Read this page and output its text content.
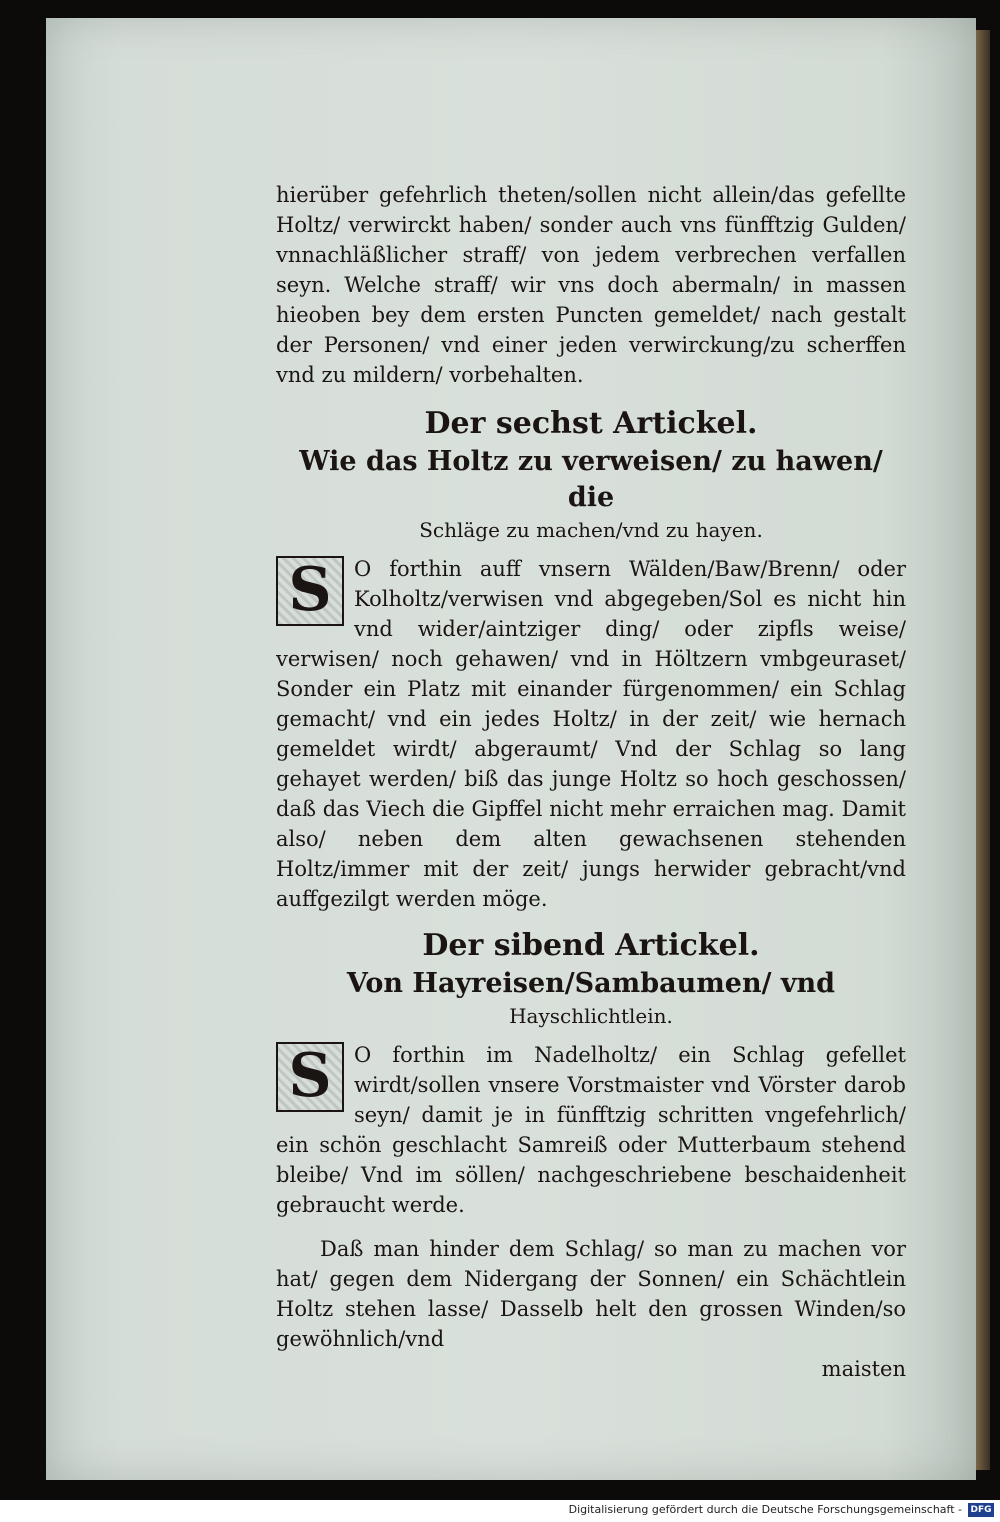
hierüber gefehrlich theten/sollen nicht allein/das gefellte Holtz/ verwirckt haben/ sonder auch vns fünfftzig Gulden/ vnnachläßlicher straff/ von jedem verbrechen verfallen seyn. Welche straff/ wir vns doch abermaln/ in massen hieoben bey dem ersten Puncten gemeldet/ nach gestalt der Personen/ vnd einer jeden verwirckung/zu scherffen vnd zu mildern/ vorbehalten.

Der sechst Artickel.

Wie das Holtz zu verweisen/ zu hawen/ die

Schläge zu machen/vnd zu hayen.

S	O forthin auff vnsern Wälden/Baw/Brenn/ oder Kolholtz/verwisen vnd abgegeben/Sol es nicht hin vnd wider/aintziger ding/ oder zipfls weise/ verwisen/ noch gehawen/ vnd in Höltzern vmbgeuraset/ Sonder ein Platz mit einander fürgenommen/ ein Schlag gemacht/ vnd ein jedes Holtz/ in der zeit/ wie hernach gemeldet wirdt/ abgeraumt/ Vnd der Schlag so lang gehayet werden/ biß das junge Holtz so hoch geschossen/ daß das Viech die Gipffel nicht mehr erraichen mag. Damit also/ neben dem alten gewachsenen stehenden Holtz/immer mit der zeit/ jungs herwider gebracht/vnd auffgezilgt werden möge.

Der sibend Artickel.

Von Hayreisen/Sambaumen/ vnd

Hayschlichtlein.

S	O forthin im Nadelholtz/ ein Schlag gefellet wirdt/sollen vnsere Vorstmaister vnd Vörster darob seyn/ damit je in fünfftzig schritten vngefehrlich/ ein schön geschlacht Samreiß oder Mutterbaum stehend bleibe/ Vnd im söllen/ nachgeschriebene beschaidenheit gebraucht werde.

Daß man hinder dem Schlag/ so man zu machen vor hat/ gegen dem Nidergang der Sonnen/ ein Schächtlein Holtz stehen lasse/ Dasselb helt den grossen Winden/so gewöhnlich/vnd

maisten

Digitalisierung gefördert durch die Deutsche Forschungsgemeinschaft - DFG
